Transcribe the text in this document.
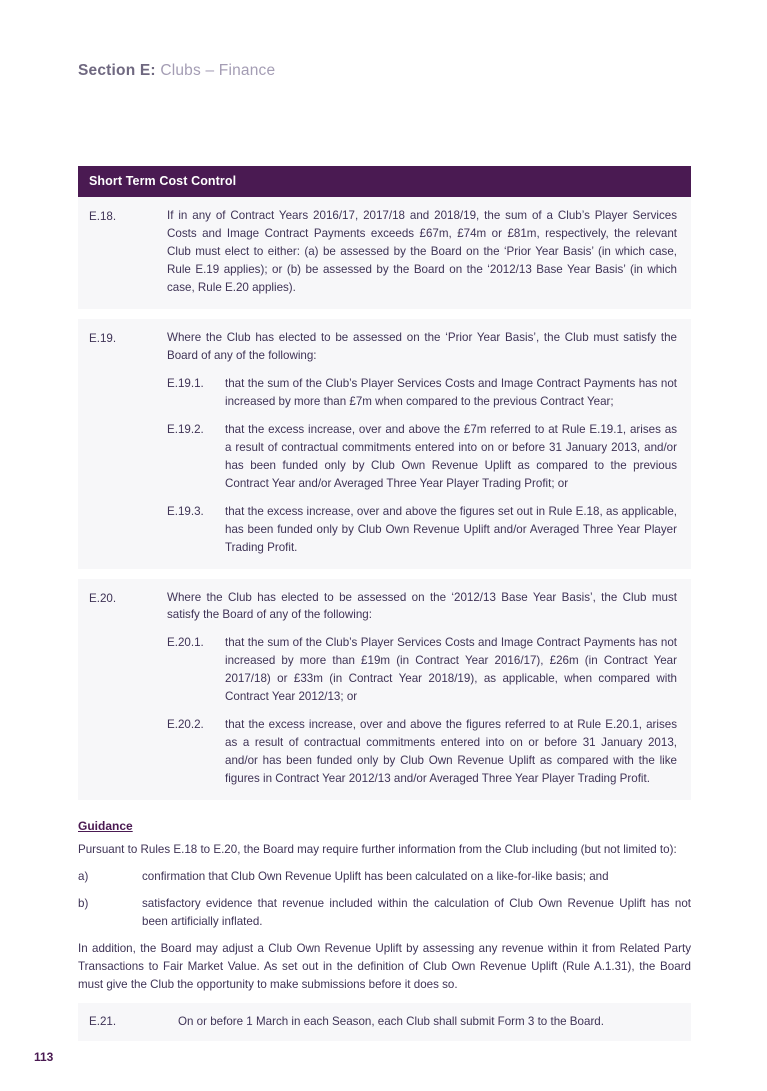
Section E: Clubs – Finance
Short Term Cost Control
E.18.	If in any of Contract Years 2016/17, 2017/18 and 2018/19, the sum of a Club’s Player Services Costs and Image Contract Payments exceeds £67m, £74m or £81m, respectively, the relevant Club must elect to either: (a) be assessed by the Board on the ‘Prior Year Basis’ (in which case, Rule E.19 applies); or (b) be assessed by the Board on the ‘2012/13 Base Year Basis’ (in which case, Rule E.20 applies).

E.19.	Where the Club has elected to be assessed on the ‘Prior Year Basis’, the Club must satisfy the Board of any of the following:

E.19.1.	that the sum of the Club’s Player Services Costs and Image Contract Payments has not increased by more than £7m when compared to the previous Contract Year;
E.19.2.	that the excess increase, over and above the £7m referred to at Rule E.19.1, arises as a result of contractual commitments entered into on or before 31 January 2013, and/or has been funded only by Club Own Revenue Uplift as compared to the previous Contract Year and/or Averaged Three Year Player Trading Profit; or
E.19.3.	that the excess increase, over and above the figures set out in Rule E.18, as applicable, has been funded only by Club Own Revenue Uplift and/or Averaged Three Year Player Trading Profit.
E.20.	Where the Club has elected to be assessed on the ‘2012/13 Base Year Basis’, the Club must satisfy the Board of any of the following:

E.20.1.	that the sum of the Club’s Player Services Costs and Image Contract Payments has not increased by more than £19m (in Contract Year 2016/17), £26m (in Contract Year 2017/18) or £33m (in Contract Year 2018/19), as applicable, when compared with Contract Year 2012/13; or
E.20.2.	that the excess increase, over and above the figures referred to at Rule E.20.1, arises as a result of contractual commitments entered into on or before 31 January 2013, and/or has been funded only by Club Own Revenue Uplift as compared with the like figures in Contract Year 2012/13 and/or Averaged Three Year Player Trading Profit.
Guidance

Pursuant to Rules E.18 to E.20, the Board may require further information from the Club including (but not limited to):

a)	confirmation that Club Own Revenue Uplift has been calculated on a like-for-like basis; and
b)	satisfactory evidence that revenue included within the calculation of Club Own Revenue Uplift has not been artificially inflated.

In addition, the Board may adjust a Club Own Revenue Uplift by assessing any revenue within it from Related Party Transactions to Fair Market Value. As set out in the definition of Club Own Revenue Uplift (Rule A.1.31), the Board must give the Club the opportunity to make submissions before it does so.

E.21.	On or before 1 March in each Season, each Club shall submit Form 3 to the Board.
113
